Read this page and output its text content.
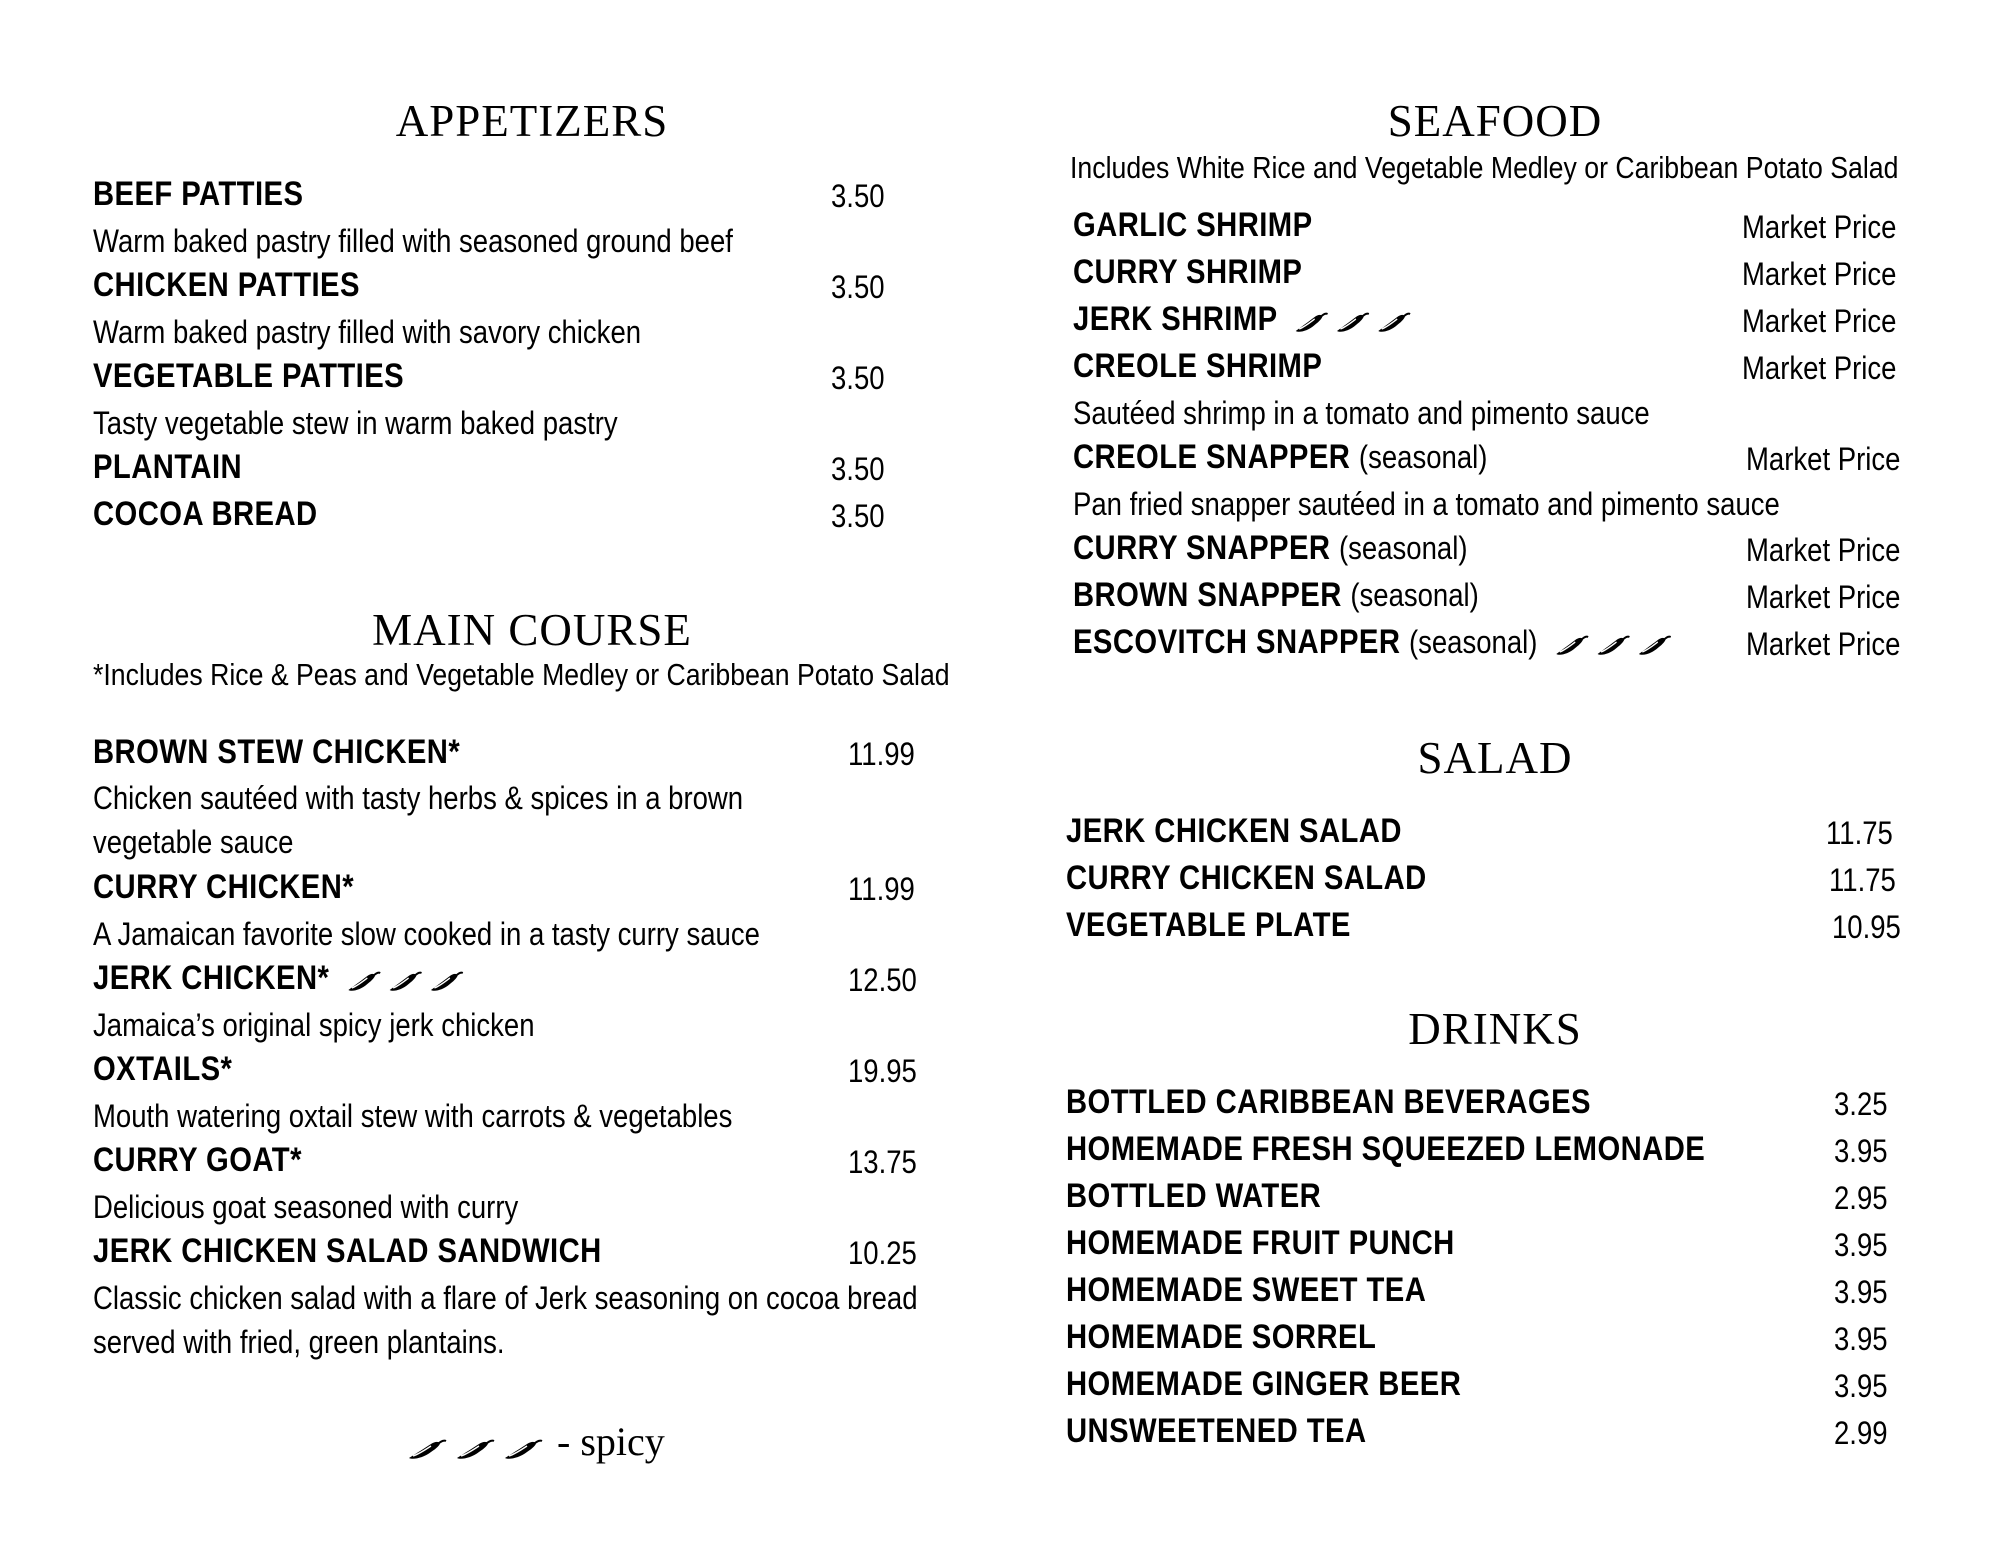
APPETIZERS
BEEF PATTIES	3.50
Warm baked pastry filled with seasoned ground beef
CHICKEN PATTIES	3.50
Warm baked pastry filled with savory chicken
VEGETABLE PATTIES	3.50
Tasty vegetable stew in warm baked pastry
PLANTAIN	3.50
COCOA BREAD	3.50
MAIN COURSE
*Includes Rice & Peas and Vegetable Medley or Caribbean Potato Salad
BROWN STEW CHICKEN*	11.99
Chicken sautéed with tasty herbs & spices in a brown
vegetable sauce
CURRY CHICKEN*	11.99
A Jamaican favorite slow cooked in a tasty curry sauce
JERK CHICKEN*	12.50
Jamaica’s original spicy jerk chicken
OXTAILS*	19.95
Mouth watering oxtail stew with carrots & vegetables
CURRY GOAT*	13.75
Delicious goat seasoned with curry
JERK CHICKEN SALAD SANDWICH	10.25
Classic chicken salad with a flare of Jerk seasoning on cocoa bread
served with fried, green plantains.
- spicy
SEAFOOD
Includes White Rice and Vegetable Medley or Caribbean Potato Salad
GARLIC SHRIMP	Market Price
CURRY SHRIMP	Market Price
JERK SHRIMP	Market Price
CREOLE SHRIMP	Market Price
Sautéed shrimp in a tomato and pimento sauce
CREOLE SNAPPER (seasonal)	Market Price
Pan fried snapper sautéed in a tomato and pimento sauce
CURRY SNAPPER (seasonal)	Market Price
BROWN SNAPPER (seasonal)	Market Price
ESCOVITCH SNAPPER (seasonal)	Market Price
SALAD
JERK CHICKEN SALAD	11.75
CURRY CHICKEN SALAD	11.75
VEGETABLE PLATE	10.95
DRINKS
BOTTLED CARIBBEAN BEVERAGES	3.25
HOMEMADE FRESH SQUEEZED LEMONADE	3.95
BOTTLED WATER	2.95
HOMEMADE FRUIT PUNCH	3.95
HOMEMADE SWEET TEA	3.95
HOMEMADE SORREL	3.95
HOMEMADE GINGER BEER	3.95
UNSWEETENED TEA	2.99
